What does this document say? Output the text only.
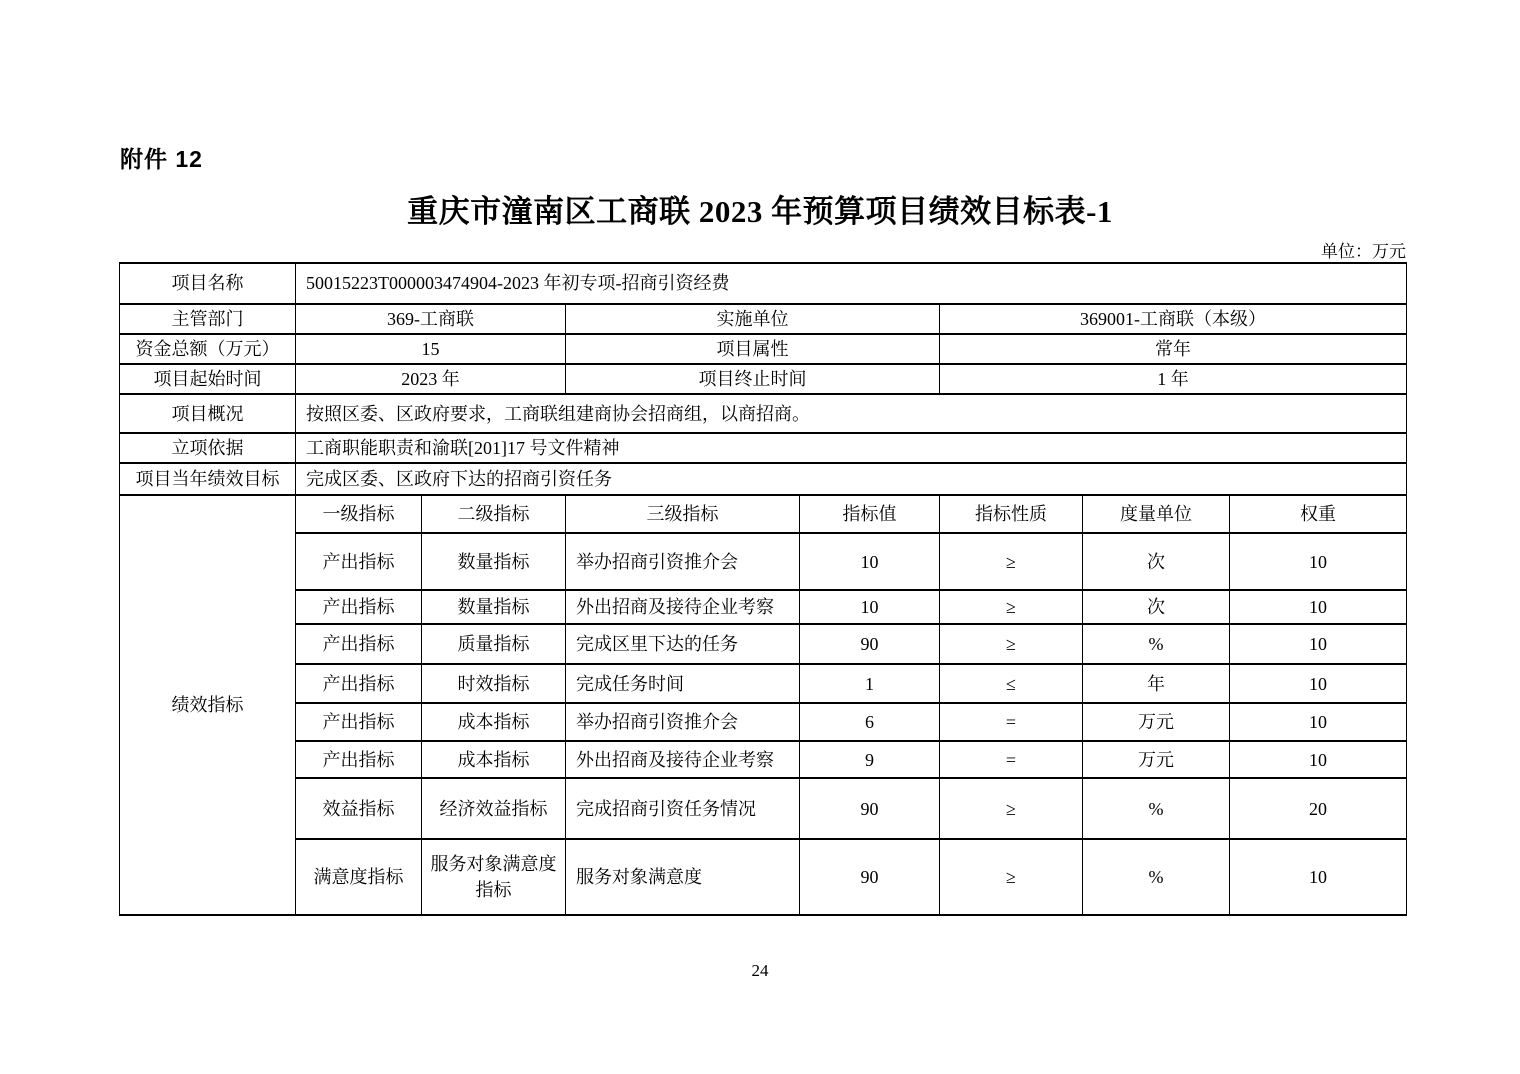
附件 12
重庆市潼南区工商联 2023 年预算项目绩效目标表-1
单位：万元
项目名称	50015223T000003474904-2023 年初专项-招商引资经费						
主管部门	369-工商联		实施单位		369001-工商联（本级）		
资金总额（万元）	15		项目属性		常年		
项目起始时间	2023 年		项目终止时间		1 年		
项目概况	按照区委、区政府要求，工商联组建商协会招商组，以商招商。						
立项依据	工商职能职责和渝联[201]17 号文件精神						
项目当年绩效目标	完成区委、区政府下达的招商引资任务						
绩效指标	一级指标	二级指标	三级指标	指标值	指标性质	度量单位	权重
	产出指标	数量指标	举办招商引资推介会	10	≥	次	10
	产出指标	数量指标	外出招商及接待企业考察	10	≥	次	10
	产出指标	质量指标	完成区里下达的任务	90	≥	%	10
	产出指标	时效指标	完成任务时间	1	≤	年	10
	产出指标	成本指标	举办招商引资推介会	6	=	万元	10
	产出指标	成本指标	外出招商及接待企业考察	9	=	万元	10
	效益指标	经济效益指标	完成招商引资任务情况	90	≥	%	20
	满意度指标	服务对象满意度指标	服务对象满意度	90	≥	%	10
24
